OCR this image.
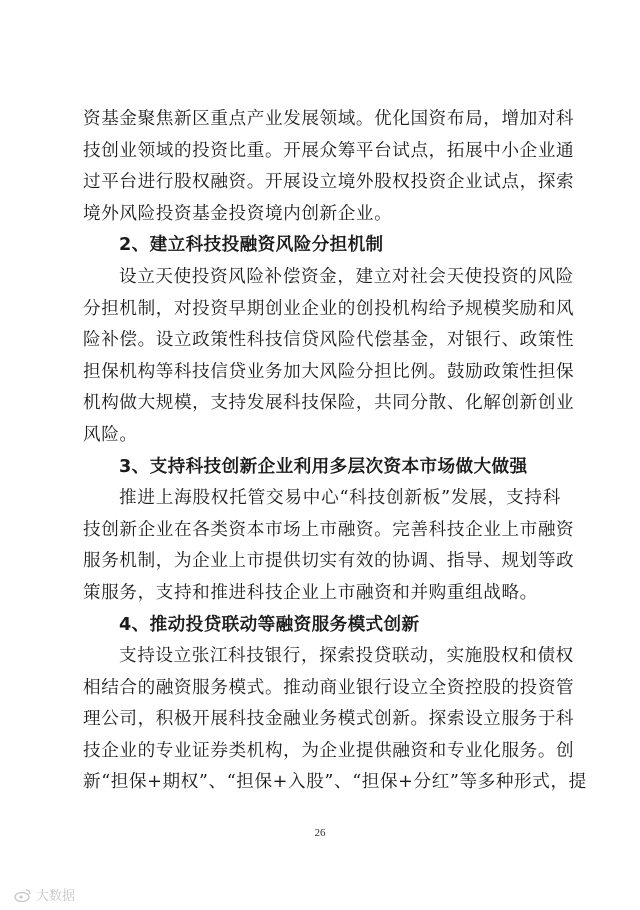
资基金聚焦新区重点产业发展领域。优化国资布局，增加对科
技创业领域的投资比重。开展众筹平台试点，拓展中小企业通
过平台进行股权融资。开展设立境外股权投资企业试点，探索
境外风险投资基金投资境内创新企业。
2、建立科技投融资风险分担机制
设立天使投资风险补偿资金，建立对社会天使投资的风险
分担机制，对投资早期创业企业的创投机构给予规模奖励和风
险补偿。设立政策性科技信贷风险代偿基金，对银行、政策性
担保机构等科技信贷业务加大风险分担比例。鼓励政策性担保
机构做大规模，支持发展科技保险，共同分散、化解创新创业
风险。
3、支持科技创新企业利用多层次资本市场做大做强
推进上海股权托管交易中心“科技创新板”发展，支持科
技创新企业在各类资本市场上市融资。完善科技企业上市融资
服务机制，为企业上市提供切实有效的协调、指导、规划等政
策服务，支持和推进科技企业上市融资和并购重组战略。
4、推动投贷联动等融资服务模式创新
支持设立张江科技银行，探索投贷联动，实施股权和债权
相结合的融资服务模式。推动商业银行设立全资控股的投资管
理公司，积极开展科技金融业务模式创新。探索设立服务于科
技企业的专业证券类机构，为企业提供融资和专业化服务。创
新“担保+期权”、“担保+入股”、“担保+分红”等多种形式，提
26
大数据
